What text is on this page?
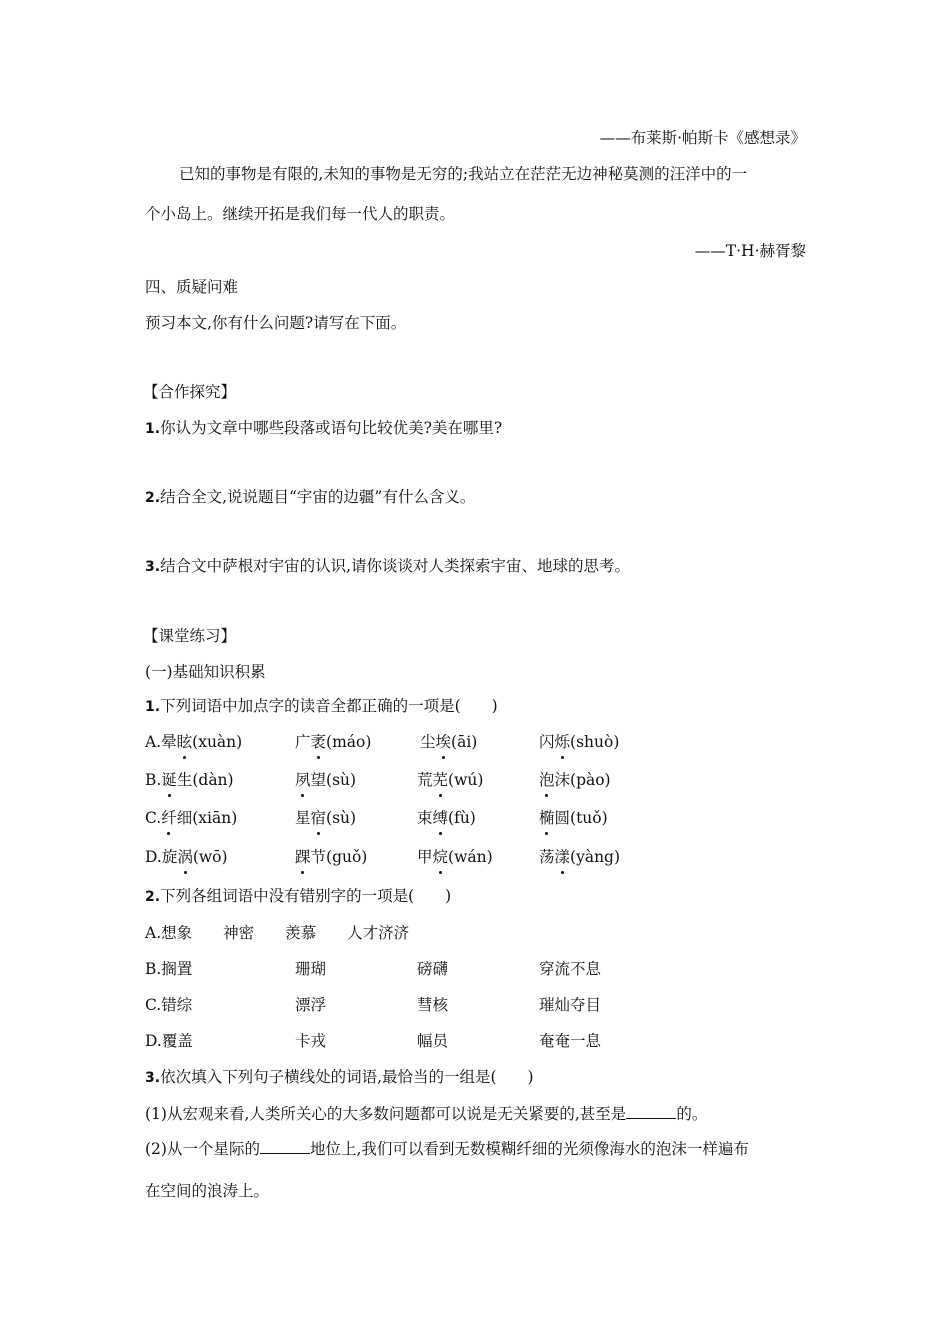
——布莱斯·帕斯卡《感想录》
已知的事物是有限的,未知的事物是无穷的;我站立在茫茫无边神秘莫测的汪洋中的一
个小岛上。继续开拓是我们每一代人的职责。
——T·H·赫胥黎
四、质疑问难
预习本文,你有什么问题?请写在下面。
【合作探究】
1.你认为文章中哪些段落或语句比较优美?美在哪里?
2.结合全文,说说题目“宇宙的边疆”有什么含义。
3.结合文中萨根对宇宙的认识,请你谈谈对人类探索宇宙、地球的思考。
【课堂练习】
(一)基础知识积累
1.下列词语中加点字的读音全都正确的一项是(　　)
A.晕眩(xuàn)	广袤(máo)	尘埃(āi)	闪烁(shuò)
B.诞生(dàn)	夙望(sù)	荒芜(wú)	泡沫(pào)
C.纤细(xiān)	星宿(sù)	束缚(fù)	椭圆(tuǒ)
D.旋涡(wō)	踝节(guǒ)	甲烷(wán)	荡漾(yàng)
2.下列各组词语中没有错别字的一项是(　　)
A.想象　　神密　　羡慕　　人才济济
B.搁置	珊瑚	磅礴	穿流不息
C.错综	漂浮	彗核	璀灿夺目
D.覆盖	卡戎	幅员	奄奄一息
3.依次填入下列句子横线处的词语,最恰当的一组是(　　)
(1)从宏观来看,人类所关心的大多数问题都可以说是无关紧要的,甚至是	的。
(2)从一个星际的	地位上,我们可以看到无数模糊纤细的光须像海水的泡沫一样遍布
在空间的浪涛上。
